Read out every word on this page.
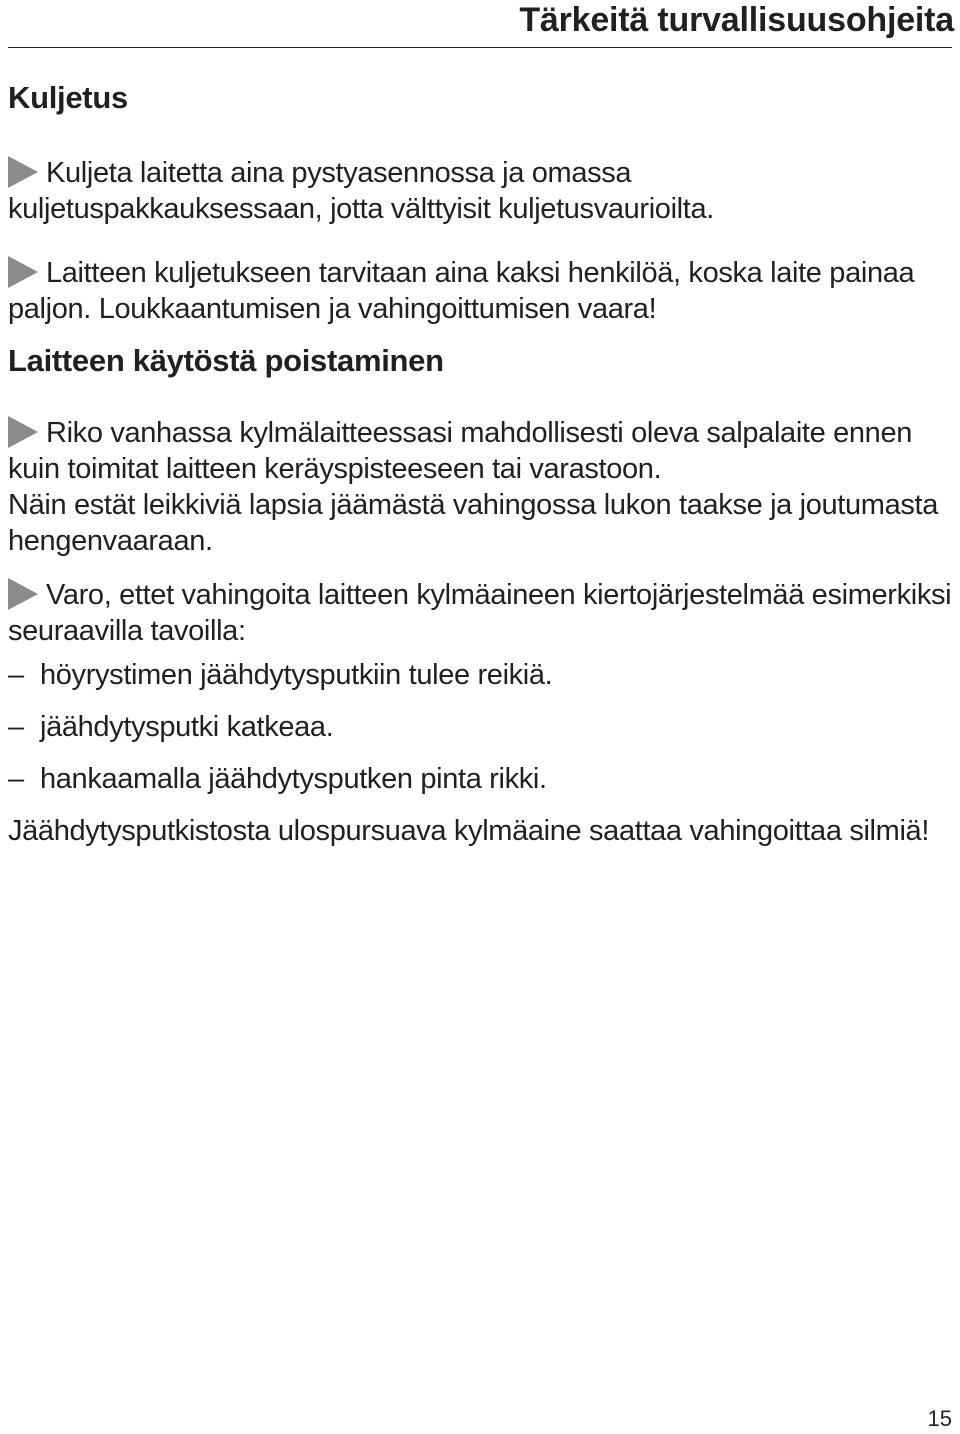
Tärkeitä turvallisuusohjeita
Kuljetus

Kuljeta laitetta aina pystyasennossa ja omassa kuljetuspakkauksessaan, jotta välttyisit kuljetusvaurioilta.

Laitteen kuljetukseen tarvitaan aina kaksi henkilöä, koska laite painaa paljon. Loukkaantumisen ja vahingoittumisen vaara!

Laitteen käytöstä poistaminen

Riko vanhassa kylmälaitteessasi mahdollisesti oleva salpalaite ennen kuin toimitat laitteen keräyspisteeseen tai varastoon.

Näin estät leikkiviä lapsia jäämästä vahingossa lukon taakse ja joutumasta hengenvaaraan.

Varo, ettet vahingoita laitteen kylmäaineen kiertojärjestelmää esimerkiksi seuraavilla tavoilla:

– höyrystimen jäähdytysputkiin tulee reikiä.
– jäähdytysputki katkeaa.
– hankaamalla jäähdytysputken pinta rikki.

Jäähdytysputkistosta ulospursuava kylmäaine saattaa vahingoittaa silmiä!

15
